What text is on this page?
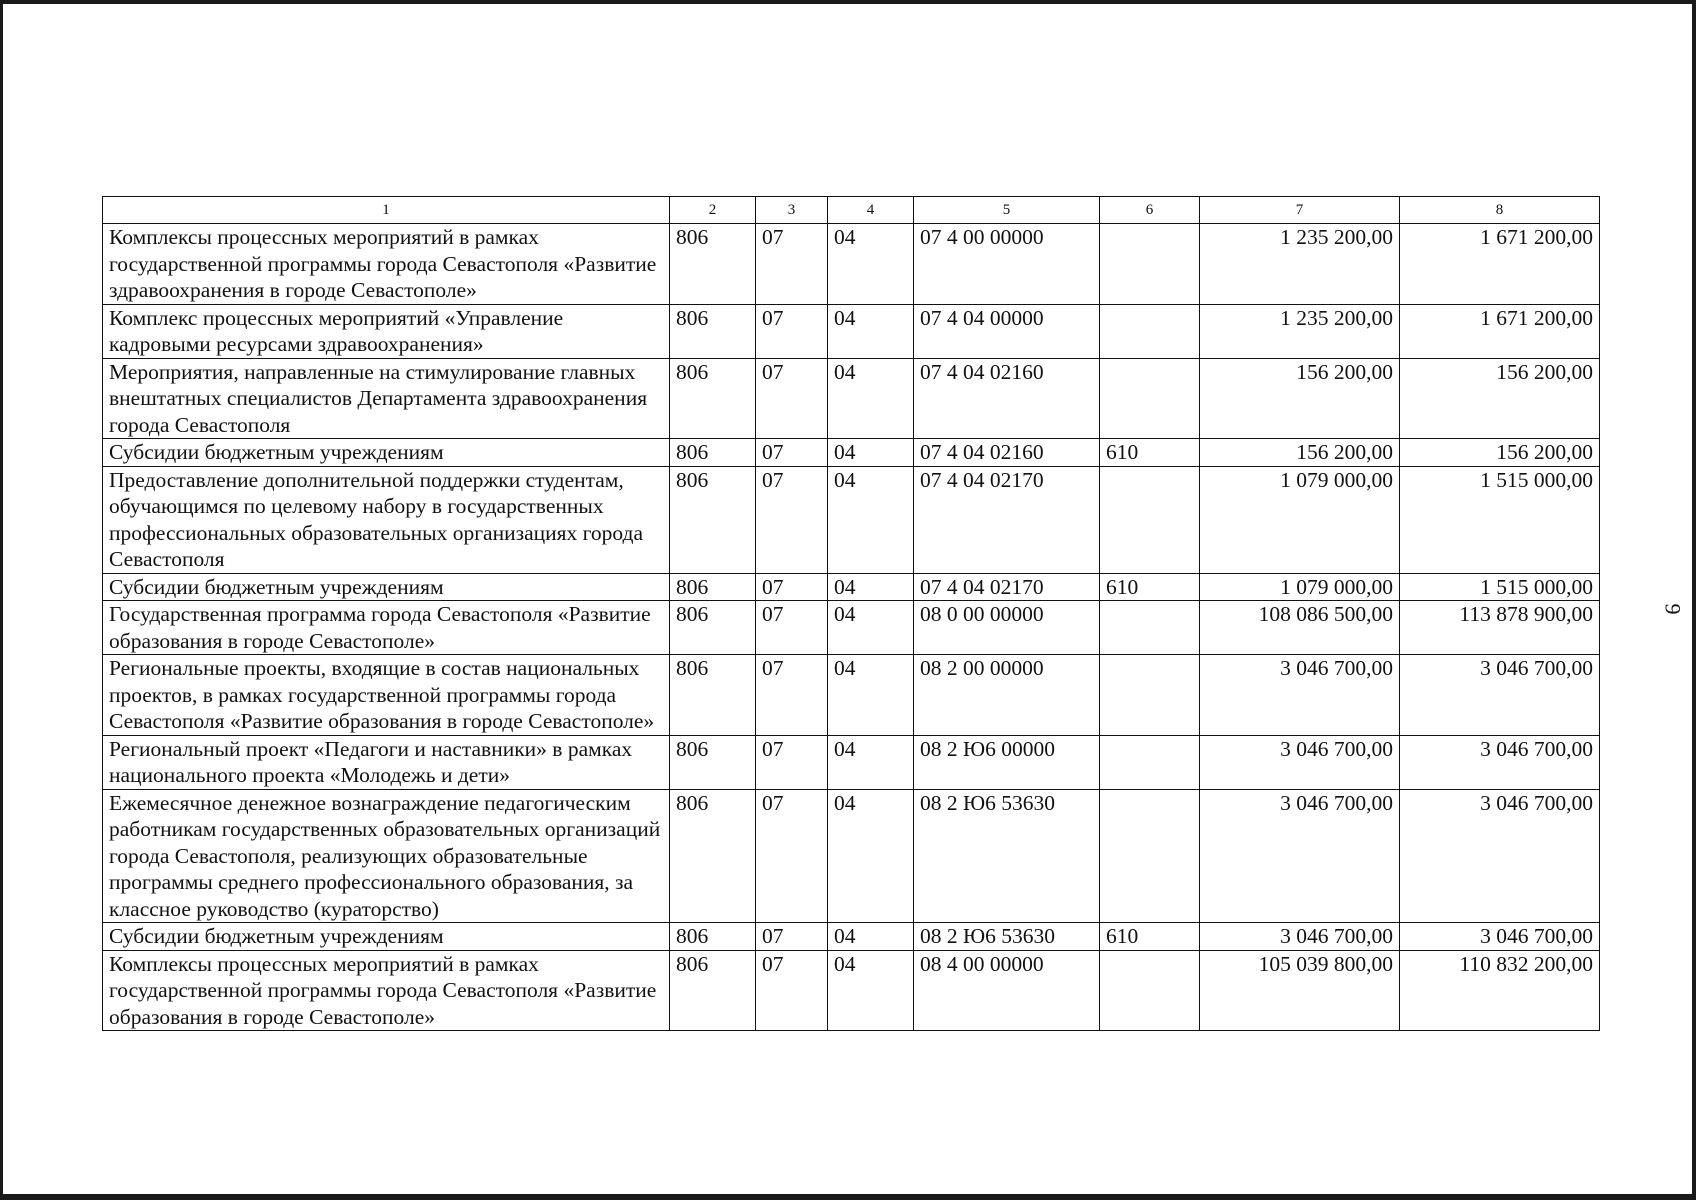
9
1	2	3	4	5	6	7	8
Комплексы процессных мероприятий в рамках государственной программы города Севастополя «Развитие здравоохранения в городе Севастополе»	806	07	04	07 4 00 00000		1 235 200,00	1 671 200,00
Комплекс процессных мероприятий «Управление кадровыми ресурсами здравоохранения»	806	07	04	07 4 04 00000		1 235 200,00	1 671 200,00
Мероприятия, направленные на стимулирование главных внештатных специалистов Департамента здравоохранения города Севастополя	806	07	04	07 4 04 02160		156 200,00	156 200,00
Субсидии бюджетным учреждениям	806	07	04	07 4 04 02160	610	156 200,00	156 200,00
Предоставление дополнительной поддержки студентам, обучающимся по целевому набору в государственных профессиональных образовательных организациях города Севастополя	806	07	04	07 4 04 02170		1 079 000,00	1 515 000,00
Субсидии бюджетным учреждениям	806	07	04	07 4 04 02170	610	1 079 000,00	1 515 000,00
Государственная программа города Севастополя «Развитие образования в городе Севастополе»	806	07	04	08 0 00 00000		108 086 500,00	113 878 900,00
Региональные проекты, входящие в состав национальных проектов, в рамках государственной программы города Севастополя «Развитие образования в городе Севастополе»	806	07	04	08 2 00 00000		3 046 700,00	3 046 700,00
Региональный проект «Педагоги и наставники» в рамках национального проекта «Молодежь и дети»	806	07	04	08 2 Ю6 00000		3 046 700,00	3 046 700,00
Ежемесячное денежное вознаграждение педагогическим работникам государственных образовательных организаций города Севастополя, реализующих образовательные программы среднего профессионального образования, за классное руководство (кураторство)	806	07	04	08 2 Ю6 53630		3 046 700,00	3 046 700,00
Субсидии бюджетным учреждениям	806	07	04	08 2 Ю6 53630	610	3 046 700,00	3 046 700,00
Комплексы процессных мероприятий в рамках государственной программы города Севастополя «Развитие образования в городе Севастополе»	806	07	04	08 4 00 00000		105 039 800,00	110 832 200,00
